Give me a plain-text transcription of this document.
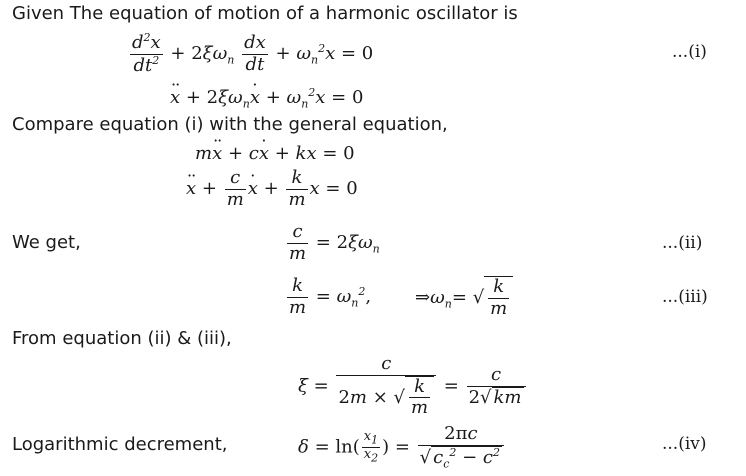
Given The equation of motion of a harmonic oscillator is
$\frac{d^2x}{dt^2} + 2\xi\omega_n \frac{dx}{dt} + \omega_n^2x = 0$	...(i)
x ·· + $2\xi\omega_nx$ · + $\omega_n^2x = 0$
Compare equation (i) with the general equation,
mx ·· + cx · + kx = 0
x ·· + $\frac{c}{m}$ x · + $\frac{k}{m}$ x = 0
We get,	$\frac{c}{m} = 2\xi\omega_n$	...(ii)
$\frac{k}{m} = \omega_n^2$, $\Rightarrow\omega_n=$ √ $\frac{k}{m}$	...(iii)
From equation (ii) & (iii),
$\xi = \frac{c}{2m \times √ \frac{k}{m}} = \frac{c}{2√ km}$
Logarithmic decrement,	$\delta = \ln( \frac{x_1}{x_2}$ ) = $\frac{2\pi c}{√ c_c^2 - c^2}$	...(iv)
